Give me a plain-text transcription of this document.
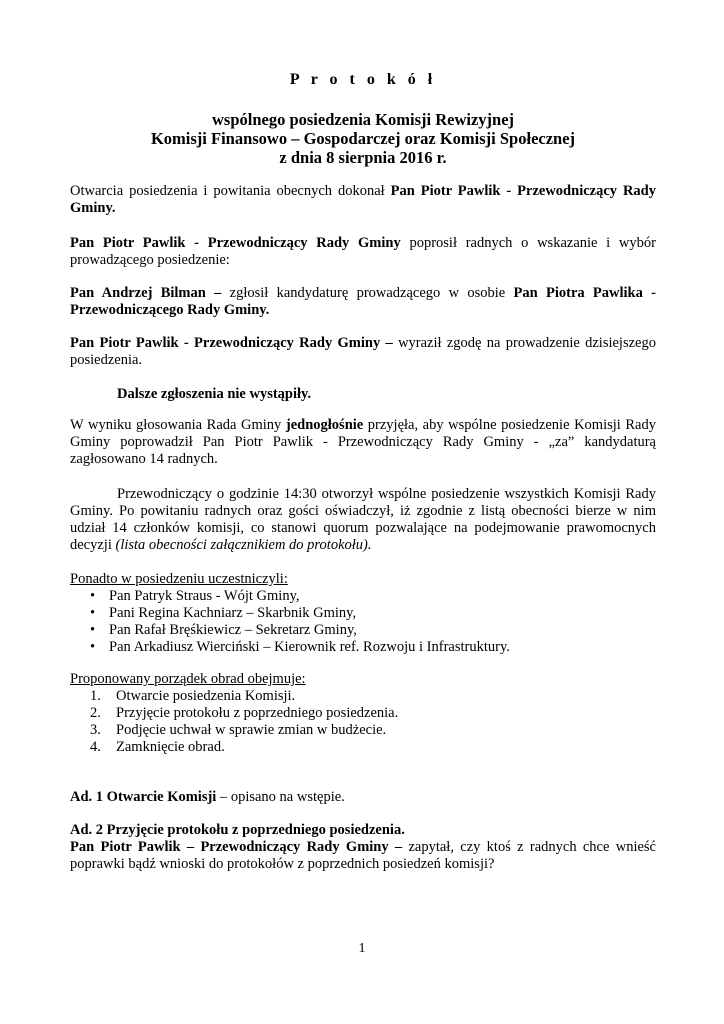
P r o t o k ó ł
wspólnego posiedzenia Komisji Rewizyjnej
Komisji Finansowo – Gospodarczej oraz Komisji Społecznej
z dnia 8 sierpnia 2016 r.
Otwarcia posiedzenia i powitania obecnych dokonał Pan Piotr Pawlik - Przewodniczący Rady Gminy.
Pan Piotr Pawlik - Przewodniczący Rady Gminy poprosił radnych o wskazanie i wybór prowadzącego posiedzenie:
Pan Andrzej Bilman – zgłosił kandydaturę prowadzącego w osobie Pan Piotra Pawlika - Przewodniczącego Rady Gminy.
Pan Piotr Pawlik - Przewodniczący Rady Gminy – wyraził zgodę na prowadzenie dzisiejszego posiedzenia.
Dalsze zgłoszenia nie wystąpiły.
W wyniku głosowania Rada Gminy jednogłośnie przyjęła, aby wspólne posiedzenie Komisji Rady Gminy poprowadził Pan Piotr Pawlik - Przewodniczący Rady Gminy - „za” kandydaturą zagłosowano 14 radnych.
Przewodniczący o godzinie 14:30 otworzył wspólne posiedzenie wszystkich Komisji Rady Gminy. Po powitaniu radnych oraz gości oświadczył, iż zgodnie z listą obecności bierze w nim udział 14 członków komisji, co stanowi quorum pozwalające na podejmowanie prawomocnych decyzji (lista obecności załącznikiem do protokołu).
Ponadto w posiedzeniu uczestniczyli:
• Pan Patryk Straus - Wójt Gminy,
• Pani Regina Kachniarz – Skarbnik Gminy,
• Pan Rafał Bręśkiewicz – Sekretarz Gminy,
• Pan Arkadiusz Wierciński – Kierownik ref. Rozwoju i Infrastruktury.
Proponowany porządek obrad obejmuje:
1. Otwarcie posiedzenia Komisji.
2. Przyjęcie protokołu z poprzedniego posiedzenia.
3. Podjęcie uchwał w sprawie zmian w budżecie.
4. Zamknięcie obrad.
Ad. 1 Otwarcie Komisji – opisano na wstępie.
Ad. 2 Przyjęcie protokołu z poprzedniego posiedzenia.
Pan Piotr Pawlik – Przewodniczący Rady Gminy – zapytał, czy ktoś z radnych chce wnieść poprawki bądź wnioski do protokołów z poprzednich posiedzeń komisji?
1
